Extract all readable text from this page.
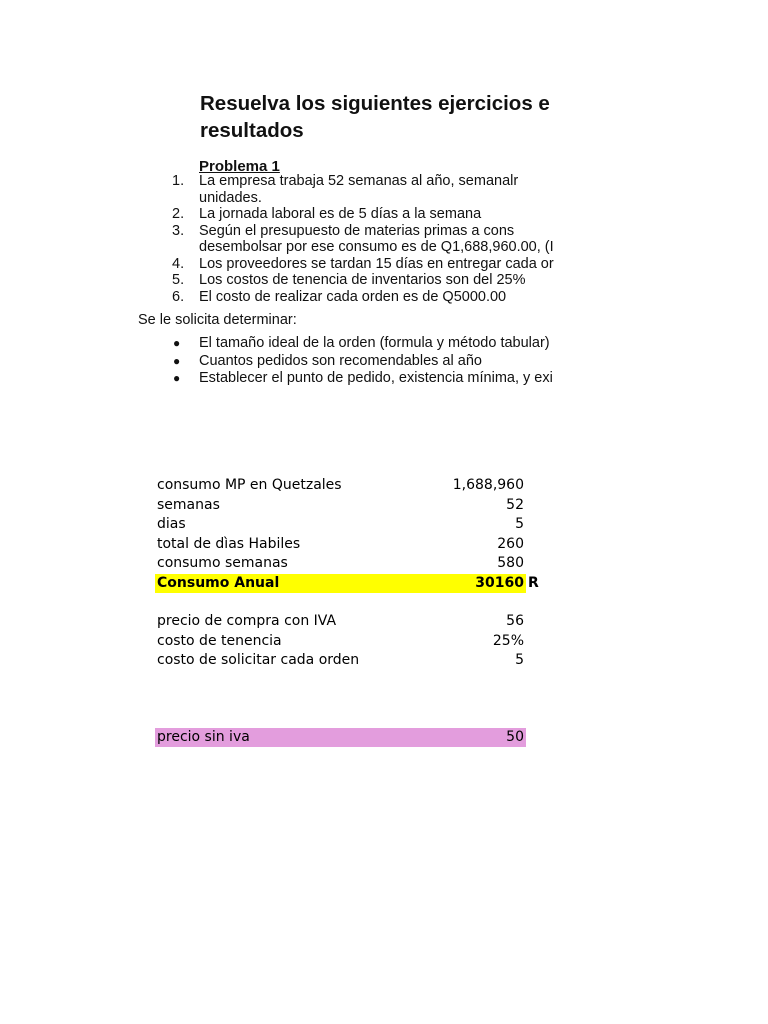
Resuelva los siguientes ejercicios e
resultados
Problema 1
1.	La empresa trabaja 52 semanas al año, semanalr
unidades.
2.	La jornada laboral es de 5 días a la semana
3.	Según el presupuesto de materias primas a cons
desembolsar por ese consumo es de Q1,688,960.00, (I
4.	Los proveedores se tardan 15 días en entregar cada or
5.	Los costos de tenencia de inventarios son del 25%
6.	El costo de realizar cada orden es de Q5000.00
Se le solicita determinar:
●	El tamaño ideal de la orden (formula y método tabular)
●	Cuantos pedidos son recomendables al año
●	Establecer el punto de pedido, existencia mínima, y exi
consumo MP en Quetzales	1,688,960
semanas	52
dias	5
total de dìas Habiles	260
consumo semanas	580
Consumo Anual	30160 R
precio de compra con IVA	56
costo de tenencia	25%
costo de solicitar cada orden	5
precio sin iva	50
